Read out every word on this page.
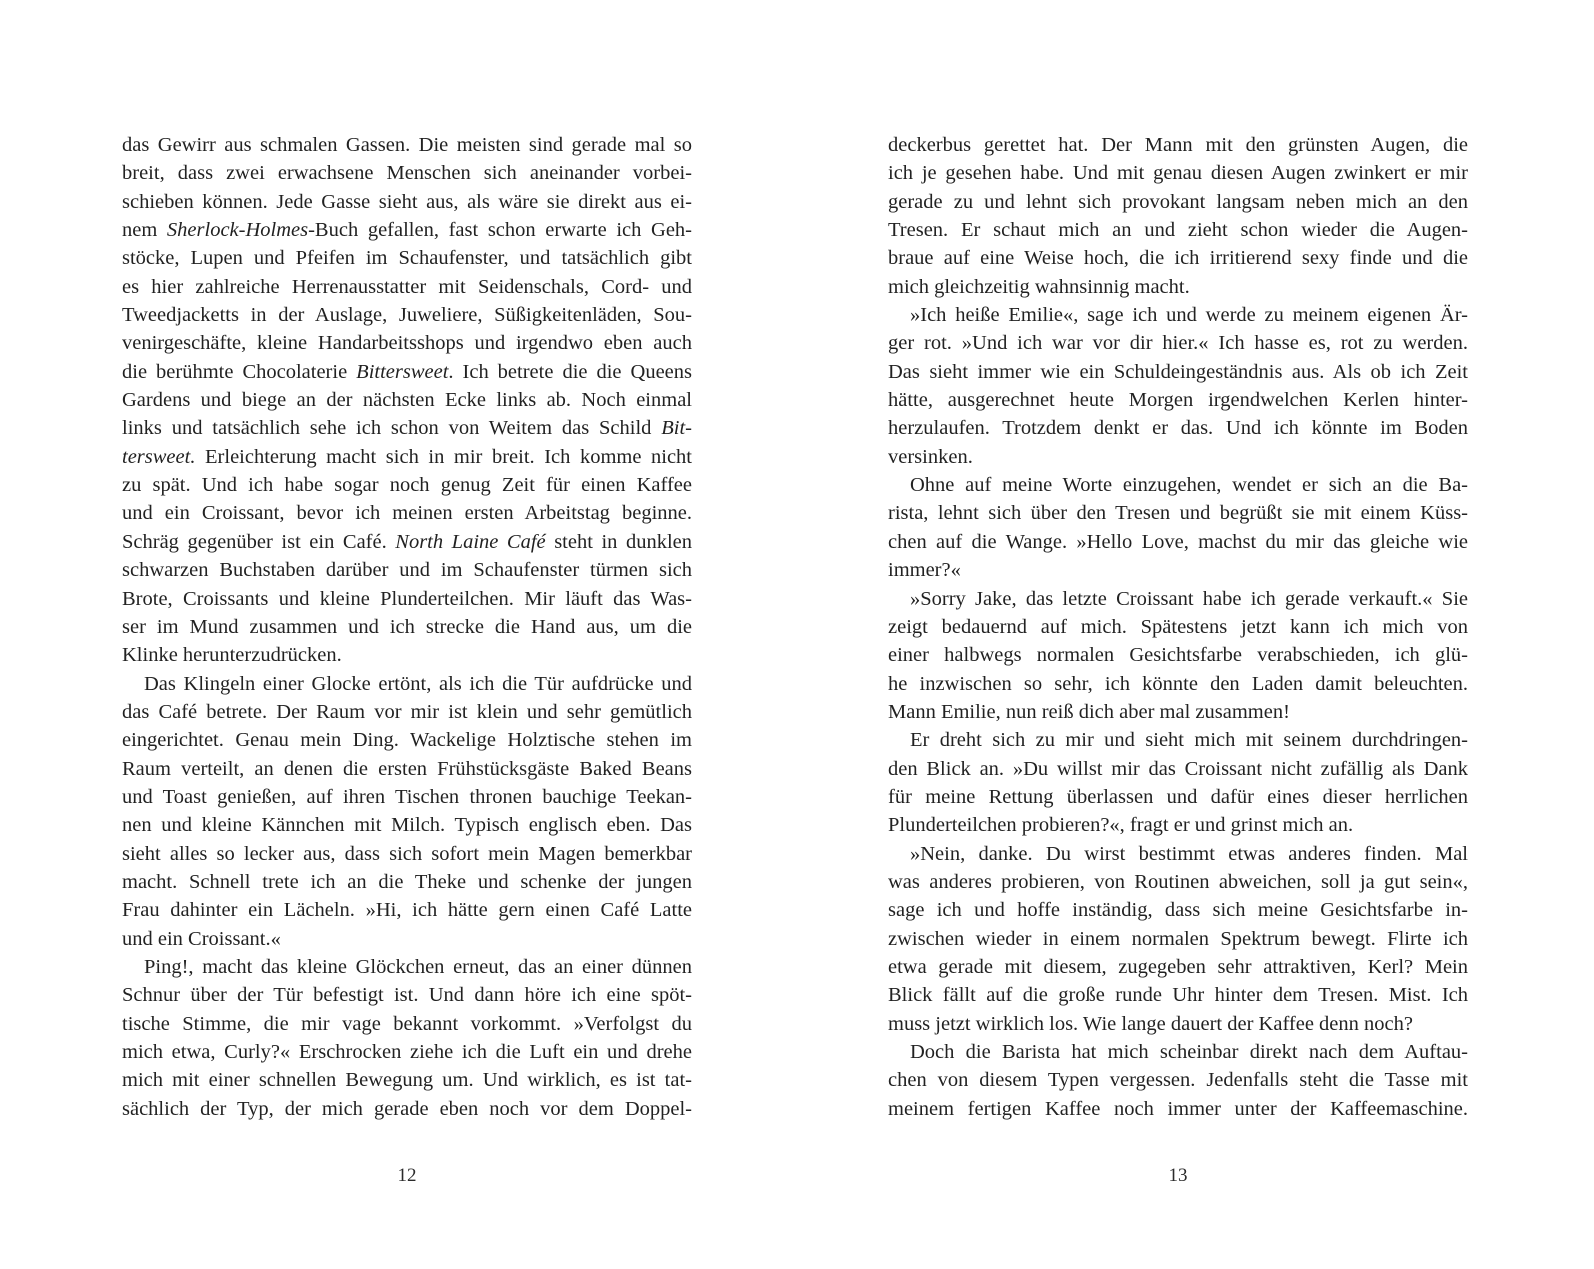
das Gewirr aus schmalen Gassen. Die meisten sind gerade mal so
breit, dass zwei erwachsene Menschen sich aneinander vorbei-
schieben können. Jede Gasse sieht aus, als wäre sie direkt aus ei-
nem Sherlock-Holmes-Buch gefallen, fast schon erwarte ich Geh-
stöcke, Lupen und Pfeifen im Schaufenster, und tatsächlich gibt
es hier zahlreiche Herrenausstatter mit Seidenschals, Cord- und
Tweedjacketts in der Auslage, Juweliere, Süßigkeitenläden, Sou-
venirgeschäfte, kleine Handarbeitsshops und irgendwo eben auch
die berühmte Chocolaterie Bittersweet. Ich betrete die die Queens
Gardens und biege an der nächsten Ecke links ab. Noch einmal
links und tatsächlich sehe ich schon von Weitem das Schild Bit-
tersweet. Erleichterung macht sich in mir breit. Ich komme nicht
zu spät. Und ich habe sogar noch genug Zeit für einen Kaffee
und ein Croissant, bevor ich meinen ersten Arbeitstag beginne.
Schräg gegenüber ist ein Café. North Laine Café steht in dunklen
schwarzen Buchstaben darüber und im Schaufenster türmen sich
Brote, Croissants und kleine Plunderteilchen. Mir läuft das Was-
ser im Mund zusammen und ich strecke die Hand aus, um die
Klinke herunterzudrücken.
Das Klingeln einer Glocke ertönt, als ich die Tür aufdrücke und
das Café betrete. Der Raum vor mir ist klein und sehr gemütlich
eingerichtet. Genau mein Ding. Wackelige Holztische stehen im
Raum verteilt, an denen die ersten Frühstücksgäste Baked Beans
und Toast genießen, auf ihren Tischen thronen bauchige Teekan-
nen und kleine Kännchen mit Milch. Typisch englisch eben. Das
sieht alles so lecker aus, dass sich sofort mein Magen bemerkbar
macht. Schnell trete ich an die Theke und schenke der jungen
Frau dahinter ein Lächeln. »Hi, ich hätte gern einen Café Latte
und ein Croissant.«
Ping!, macht das kleine Glöckchen erneut, das an einer dünnen
Schnur über der Tür befestigt ist. Und dann höre ich eine spöt-
tische Stimme, die mir vage bekannt vorkommt. »Verfolgst du
mich etwa, Curly?« Erschrocken ziehe ich die Luft ein und drehe
mich mit einer schnellen Bewegung um. Und wirklich, es ist tat-
sächlich der Typ, der mich gerade eben noch vor dem Doppel-
12
deckerbus gerettet hat. Der Mann mit den grünsten Augen, die
ich je gesehen habe. Und mit genau diesen Augen zwinkert er mir
gerade zu und lehnt sich provokant langsam neben mich an den
Tresen. Er schaut mich an und zieht schon wieder die Augen-
braue auf eine Weise hoch, die ich irritierend sexy finde und die
mich gleichzeitig wahnsinnig macht.
»Ich heiße Emilie«, sage ich und werde zu meinem eigenen Är-
ger rot. »Und ich war vor dir hier.« Ich hasse es, rot zu werden.
Das sieht immer wie ein Schuldeingeständnis aus. Als ob ich Zeit
hätte, ausgerechnet heute Morgen irgendwelchen Kerlen hinter-
herzulaufen. Trotzdem denkt er das. Und ich könnte im Boden
versinken.
Ohne auf meine Worte einzugehen, wendet er sich an die Ba-
rista, lehnt sich über den Tresen und begrüßt sie mit einem Küss-
chen auf die Wange. »Hello Love, machst du mir das gleiche wie
immer?«
»Sorry Jake, das letzte Croissant habe ich gerade verkauft.« Sie
zeigt bedauernd auf mich. Spätestens jetzt kann ich mich von
einer halbwegs normalen Gesichtsfarbe verabschieden, ich glü-
he inzwischen so sehr, ich könnte den Laden damit beleuchten.
Mann Emilie, nun reiß dich aber mal zusammen!
Er dreht sich zu mir und sieht mich mit seinem durchdringen-
den Blick an. »Du willst mir das Croissant nicht zufällig als Dank
für meine Rettung überlassen und dafür eines dieser herrlichen
Plunderteilchen probieren?«, fragt er und grinst mich an.
»Nein, danke. Du wirst bestimmt etwas anderes finden. Mal
was anderes probieren, von Routinen abweichen, soll ja gut sein«,
sage ich und hoffe inständig, dass sich meine Gesichtsfarbe in-
zwischen wieder in einem normalen Spektrum bewegt. Flirte ich
etwa gerade mit diesem, zugegeben sehr attraktiven, Kerl? Mein
Blick fällt auf die große runde Uhr hinter dem Tresen. Mist. Ich
muss jetzt wirklich los. Wie lange dauert der Kaffee denn noch?
Doch die Barista hat mich scheinbar direkt nach dem Auftau-
chen von diesem Typen vergessen. Jedenfalls steht die Tasse mit
meinem fertigen Kaffee noch immer unter der Kaffeemaschine.
13
